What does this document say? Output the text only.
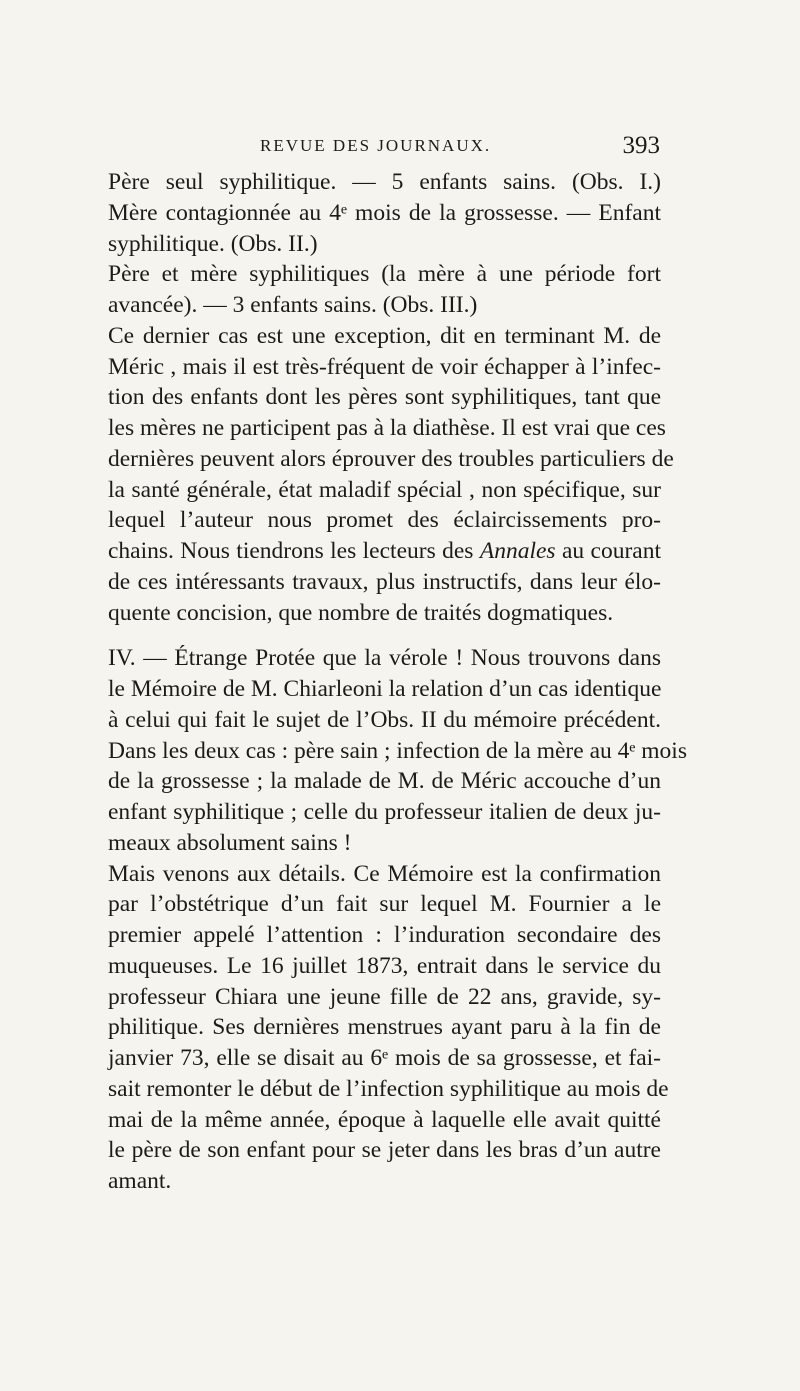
REVUE DES JOURNAUX.	393
Père seul syphilitique. — 5 enfants sains. (Obs. I.)
Mère contagionnée au 4ᵉ mois de la grossesse. — Enfant
syphilitique. (Obs. II.)
Père et mère syphilitiques (la mère à une période fort
avancée). — 3 enfants sains. (Obs. III.)
Ce dernier cas est une exception, dit en terminant M. de
Méric , mais il est très-fréquent de voir échapper à l’infec-
tion des enfants dont les pères sont syphilitiques, tant que
les mères ne participent pas à la diathèse. Il est vrai que ces
dernières peuvent alors éprouver des troubles particuliers de
la santé générale, état maladif spécial , non spécifique, sur
lequel l’auteur nous promet des éclaircissements pro-
chains. Nous tiendrons les lecteurs des Annales au courant
de ces intéressants travaux, plus instructifs, dans leur élo-
quente concision, que nombre de traités dogmatiques.
IV. — Étrange Protée que la vérole ! Nous trouvons dans
le Mémoire de M. Chiarleoni la relation d’un cas identique
à celui qui fait le sujet de l’Obs. II du mémoire précédent.
Dans les deux cas : père sain ; infection de la mère au 4ᵉ mois
de la grossesse ; la malade de M. de Méric accouche d’un
enfant syphilitique ; celle du professeur italien de deux ju-
meaux absolument sains !
Mais venons aux détails. Ce Mémoire est la confirmation
par l’obstétrique d’un fait sur lequel M. Fournier a le
premier appelé l’attention : l’induration secondaire des
muqueuses. Le 16 juillet 1873, entrait dans le service du
professeur Chiara une jeune fille de 22 ans, gravide, sy-
philitique. Ses dernières menstrues ayant paru à la fin de
janvier 73, elle se disait au 6ᵉ mois de sa grossesse, et fai-
sait remonter le début de l’infection syphilitique au mois de
mai de la même année, époque à laquelle elle avait quitté
le père de son enfant pour se jeter dans les bras d’un autre
amant.
